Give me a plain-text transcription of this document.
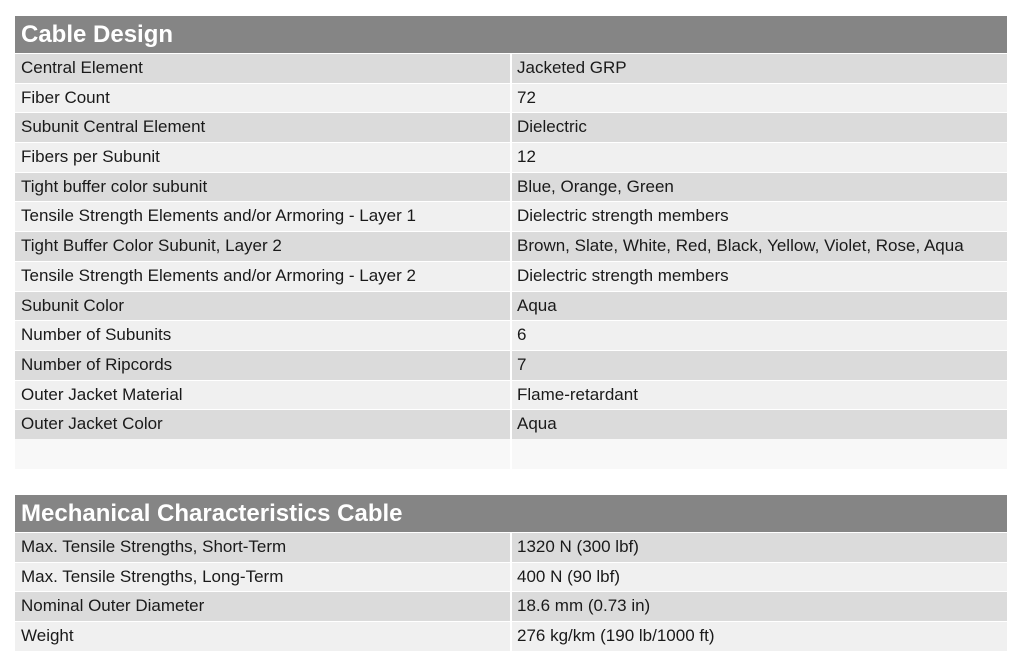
Cable Design
Central Element	Jacketed GRP
Fiber Count	72
Subunit Central Element	Dielectric
Fibers per Subunit	12
Tight buffer color subunit	Blue, Orange, Green
Tensile Strength Elements and/or Armoring - Layer 1	Dielectric strength members
Tight Buffer Color Subunit, Layer 2	Brown, Slate, White, Red, Black, Yellow, Violet, Rose, Aqua
Tensile Strength Elements and/or Armoring - Layer 2	Dielectric strength members
Subunit Color	Aqua
Number of Subunits	6
Number of Ripcords	7
Outer Jacket Material	Flame-retardant
Outer Jacket Color	Aqua
Mechanical Characteristics Cable
Max. Tensile Strengths, Short-Term	1320 N (300 lbf)
Max. Tensile Strengths, Long-Term	400 N (90 lbf)
Nominal Outer Diameter	18.6 mm (0.73 in)
Weight	276 kg/km (190 lb/1000 ft)
